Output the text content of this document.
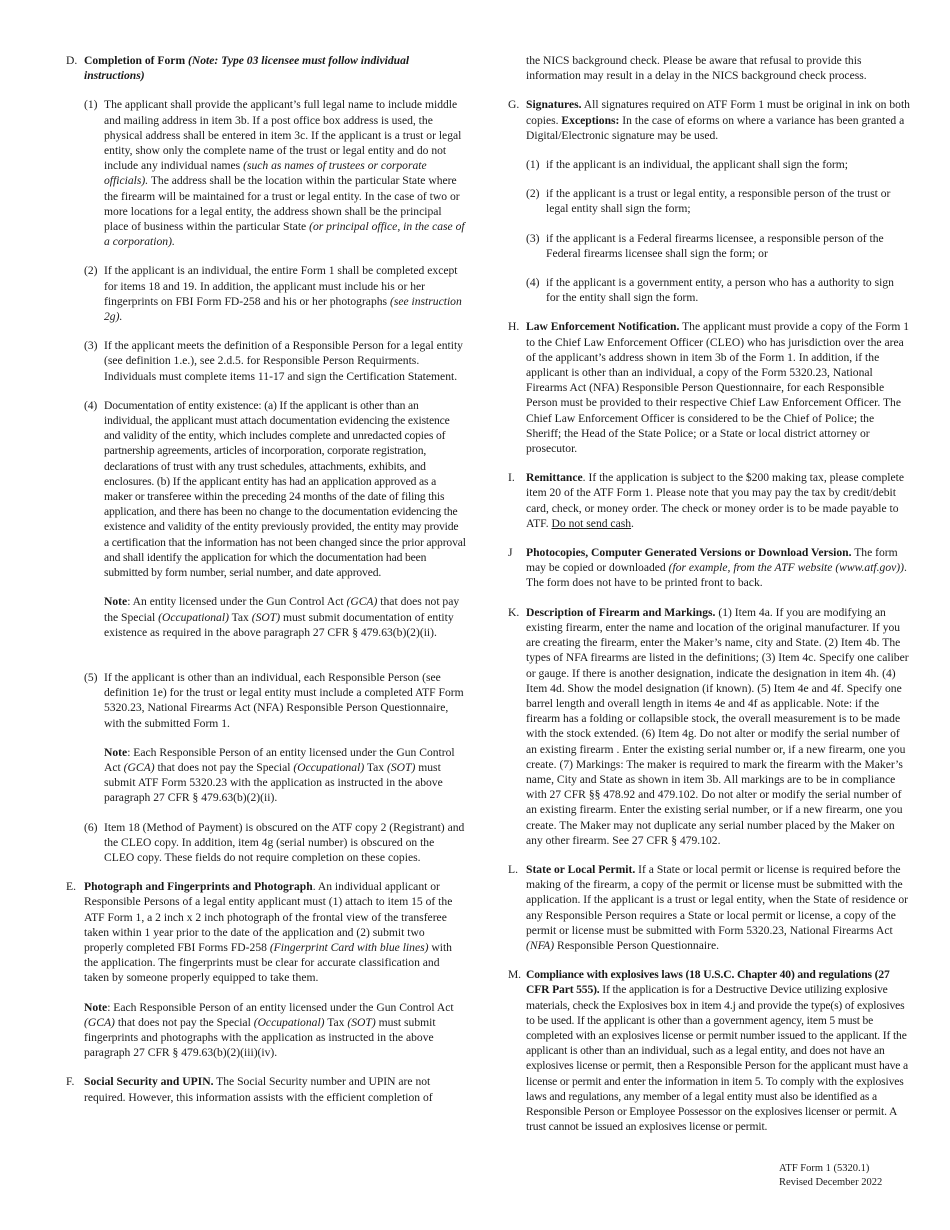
D. Completion of Form (Note: Type 03 licensee must follow individual instructions)

(1) The applicant shall provide the applicant’s full legal name to include middle and mailing address in item 3b. If a post office box address is used, the physical address shall be entered in item 3c. If the applicant is a trust or legal entity, show only the complete name of the trust or legal entity and do not include any individual names (such as names of trustees or corporate officials). The address shall be the location within the particular State where the firearm will be maintained for a trust or legal entity. In the case of two or more locations for a legal entity, the address shown shall be the principal place of business within the particular State (or principal office, in the case of a corporation).

(2) If the applicant is an individual, the entire Form 1 shall be completed except for items 18 and 19. In addition, the applicant must include his or her fingerprints on FBI Form FD-258 and his or her photographs (see instruction 2g).

(3) If the applicant meets the definition of a Responsible Person for a legal entity (see definition 1.e.), see 2.d.5. for Responsible Person Requirments. Individuals must complete items 11-17 and sign the Certification Statement.

(4) Documentation of entity existence: (a) If the applicant is other than an individual, the applicant must attach documentation evidencing the existence and validity of the entity, which includes complete and unredacted copies of partnership agreements, articles of incorporation, corporate registration, declarations of trust with any trust schedules, attachments, exhibits, and enclosures. (b) If the applicant entity has had an application approved as a maker or transferee within the preceding 24 months of the date of filing this application, and there has been no change to the documentation evidencing the existence and validity of the entity previously provided, the entity may provide a certification that the information has not been changed since the prior approval and shall identify the application for which the documentation had been submitted by form number, serial number, and date approved.

Note: An entity licensed under the Gun Control Act (GCA) that does not pay the Special (Occupational) Tax (SOT) must submit documentation of entity existence as required in the above paragraph 27 CFR § 479.63(b)(2)(ii).

(5) If the applicant is other than an individual, each Responsible Person (see definition 1e) for the trust or legal entity must include a completed ATF Form 5320.23, National Firearms Act (NFA) Responsible Person Questionnaire, with the submitted Form 1.

Note: Each Responsible Person of an entity licensed under the Gun Control Act (GCA) that does not pay the Special (Occupational) Tax (SOT) must submit ATF Form 5320.23 with the application as instructed in the above paragraph 27 CFR § 479.63(b)(2)(ii).

(6) Item 18 (Method of Payment) is obscured on the ATF copy 2 (Registrant) and the CLEO copy. In addition, item 4g (serial number) is obscured on the CLEO copy. These fields do not require completion on these copies.

E. Photograph and Fingerprints and Photograph. An individual applicant or Responsible Persons of a legal entity applicant must (1) attach to item 15 of the ATF Form 1, a 2 inch x 2 inch photograph of the frontal view of the transferee taken within 1 year prior to the date of the application and (2) submit two properly completed FBI Forms FD-258 (Fingerprint Card with blue lines) with the application. The fingerprints must be clear for accurate classification and taken by someone properly equipped to take them.

Note: Each Responsible Person of an entity licensed under the Gun Control Act (GCA) that does not pay the Special (Occupational) Tax (SOT) must submit fingerprints and photographs with the application as instructed in the above paragraph 27 CFR § 479.63(b)(2)(iii)(iv).

F. Social Security and UPIN. The Social Security number and UPIN are not required. However, this information assists with the efficient completion of

the NICS background check. Please be aware that refusal to provide this information may result in a delay in the NICS background check process.

G. Signatures. All signatures required on ATF Form 1 must be original in ink on both copies. Exceptions: In the case of eforms on where a variance has been granted a Digital/Electronic signature may be used.

(1) if the applicant is an individual, the applicant shall sign the form;

(2) if the applicant is a trust or legal entity, a responsible person of the trust or legal entity shall sign the form;

(3) if the applicant is a Federal firearms licensee, a responsible person of the Federal firearms licensee shall sign the form; or

(4) if the applicant is a government entity, a person who has a authority to sign for the entity shall sign the form.

H. Law Enforcement Notification. The applicant must provide a copy of the Form 1 to the Chief Law Enforcement Officer (CLEO) who has jurisdiction over the area of the applicant’s address shown in item 3b of the Form 1. In addition, if the applicant is other than an individual, a copy of the Form 5320.23, National Firearms Act (NFA) Responsible Person Questionnaire, for each Responsible Person must be provided to their respective Chief Law Enforcement Officer. The Chief Law Enforcement Officer is considered to be the Chief of Police; the Sheriff; the Head of the State Police; or a State or local district attorney or prosecutor.

I. Remittance. If the application is subject to the $200 making tax, please complete item 20 of the ATF Form 1. Please note that you may pay the tax by credit/debit card, check, or money order. The check or money order is to be made payable to ATF. Do not send cash.

J Photocopies, Computer Generated Versions or Download Version. The form may be copied or downloaded (for example, from the ATF website (www.atf.gov)). The form does not have to be printed front to back.

K. Description of Firearm and Markings. (1) Item 4a. If you are modifying an existing firearm, enter the name and location of the original manufacturer. If you are creating the firearm, enter the Maker’s name, city and State. (2) Item 4b. The types of NFA firearms are listed in the definitions; (3) Item 4c. Specify one caliber or gauge. If there is another designation, indicate the designation in item 4h. (4) Item 4d. Show the model designation (if known). (5) Item 4e and 4f. Specify one barrel length and overall length in items 4e and 4f as applicable. Note: if the firearm has a folding or collapsible stock, the overall measurement is to be made with the stock extended. (6) Item 4g. Do not alter or modify the serial number of an existing firearm . Enter the existing serial number or, if a new firearm, one you create. (7) Markings: The maker is required to mark the firearm with the Maker’s name, City and State as shown in item 3b. All markings are to be in compliance with 27 CFR §§ 478.92 and 479.102. Do not alter or modify the serial number of an existing firearm. Enter the existing serial number, or if a new firearm, one you create. The Maker may not duplicate any serial number placed by the Maker on any other firearm. See 27 CFR § 479.102.

L. State or Local Permit. If a State or local permit or license is required before the making of the firearm, a copy of the permit or license must be submitted with the application. If the applicant is a trust or legal entity, when the State of residence or any Responsible Person requires a State or local permit or license, a copy of the permit or license must be submitted with Form 5320.23, National Firearms Act (NFA) Responsible Person Questionnaire.

M. Compliance with explosives laws (18 U.S.C. Chapter 40) and regulations (27 CFR Part 555). If the application is for a Destructive Device utilizing explosive materials, check the Explosives box in item 4.j and provide the type(s) of explosives to be used. If the applicant is other than a government agency, item 5 must be completed with an explosives license or permit number issued to the applicant. If the applicant is other than an individual, such as a legal entity, and does not have an explosives license or permit, then a Responsible Person for the applicant must have a license or permit and enter the information in item 5. To comply with the explosives laws and regulations, any member of a legal entity must also be identified as a Responsible Person or Employee Possessor on the explosives licenser or permit. A trust cannot be issued an explosives license or permit.

ATF Form 1 (5320.1)
Revised December 2022
